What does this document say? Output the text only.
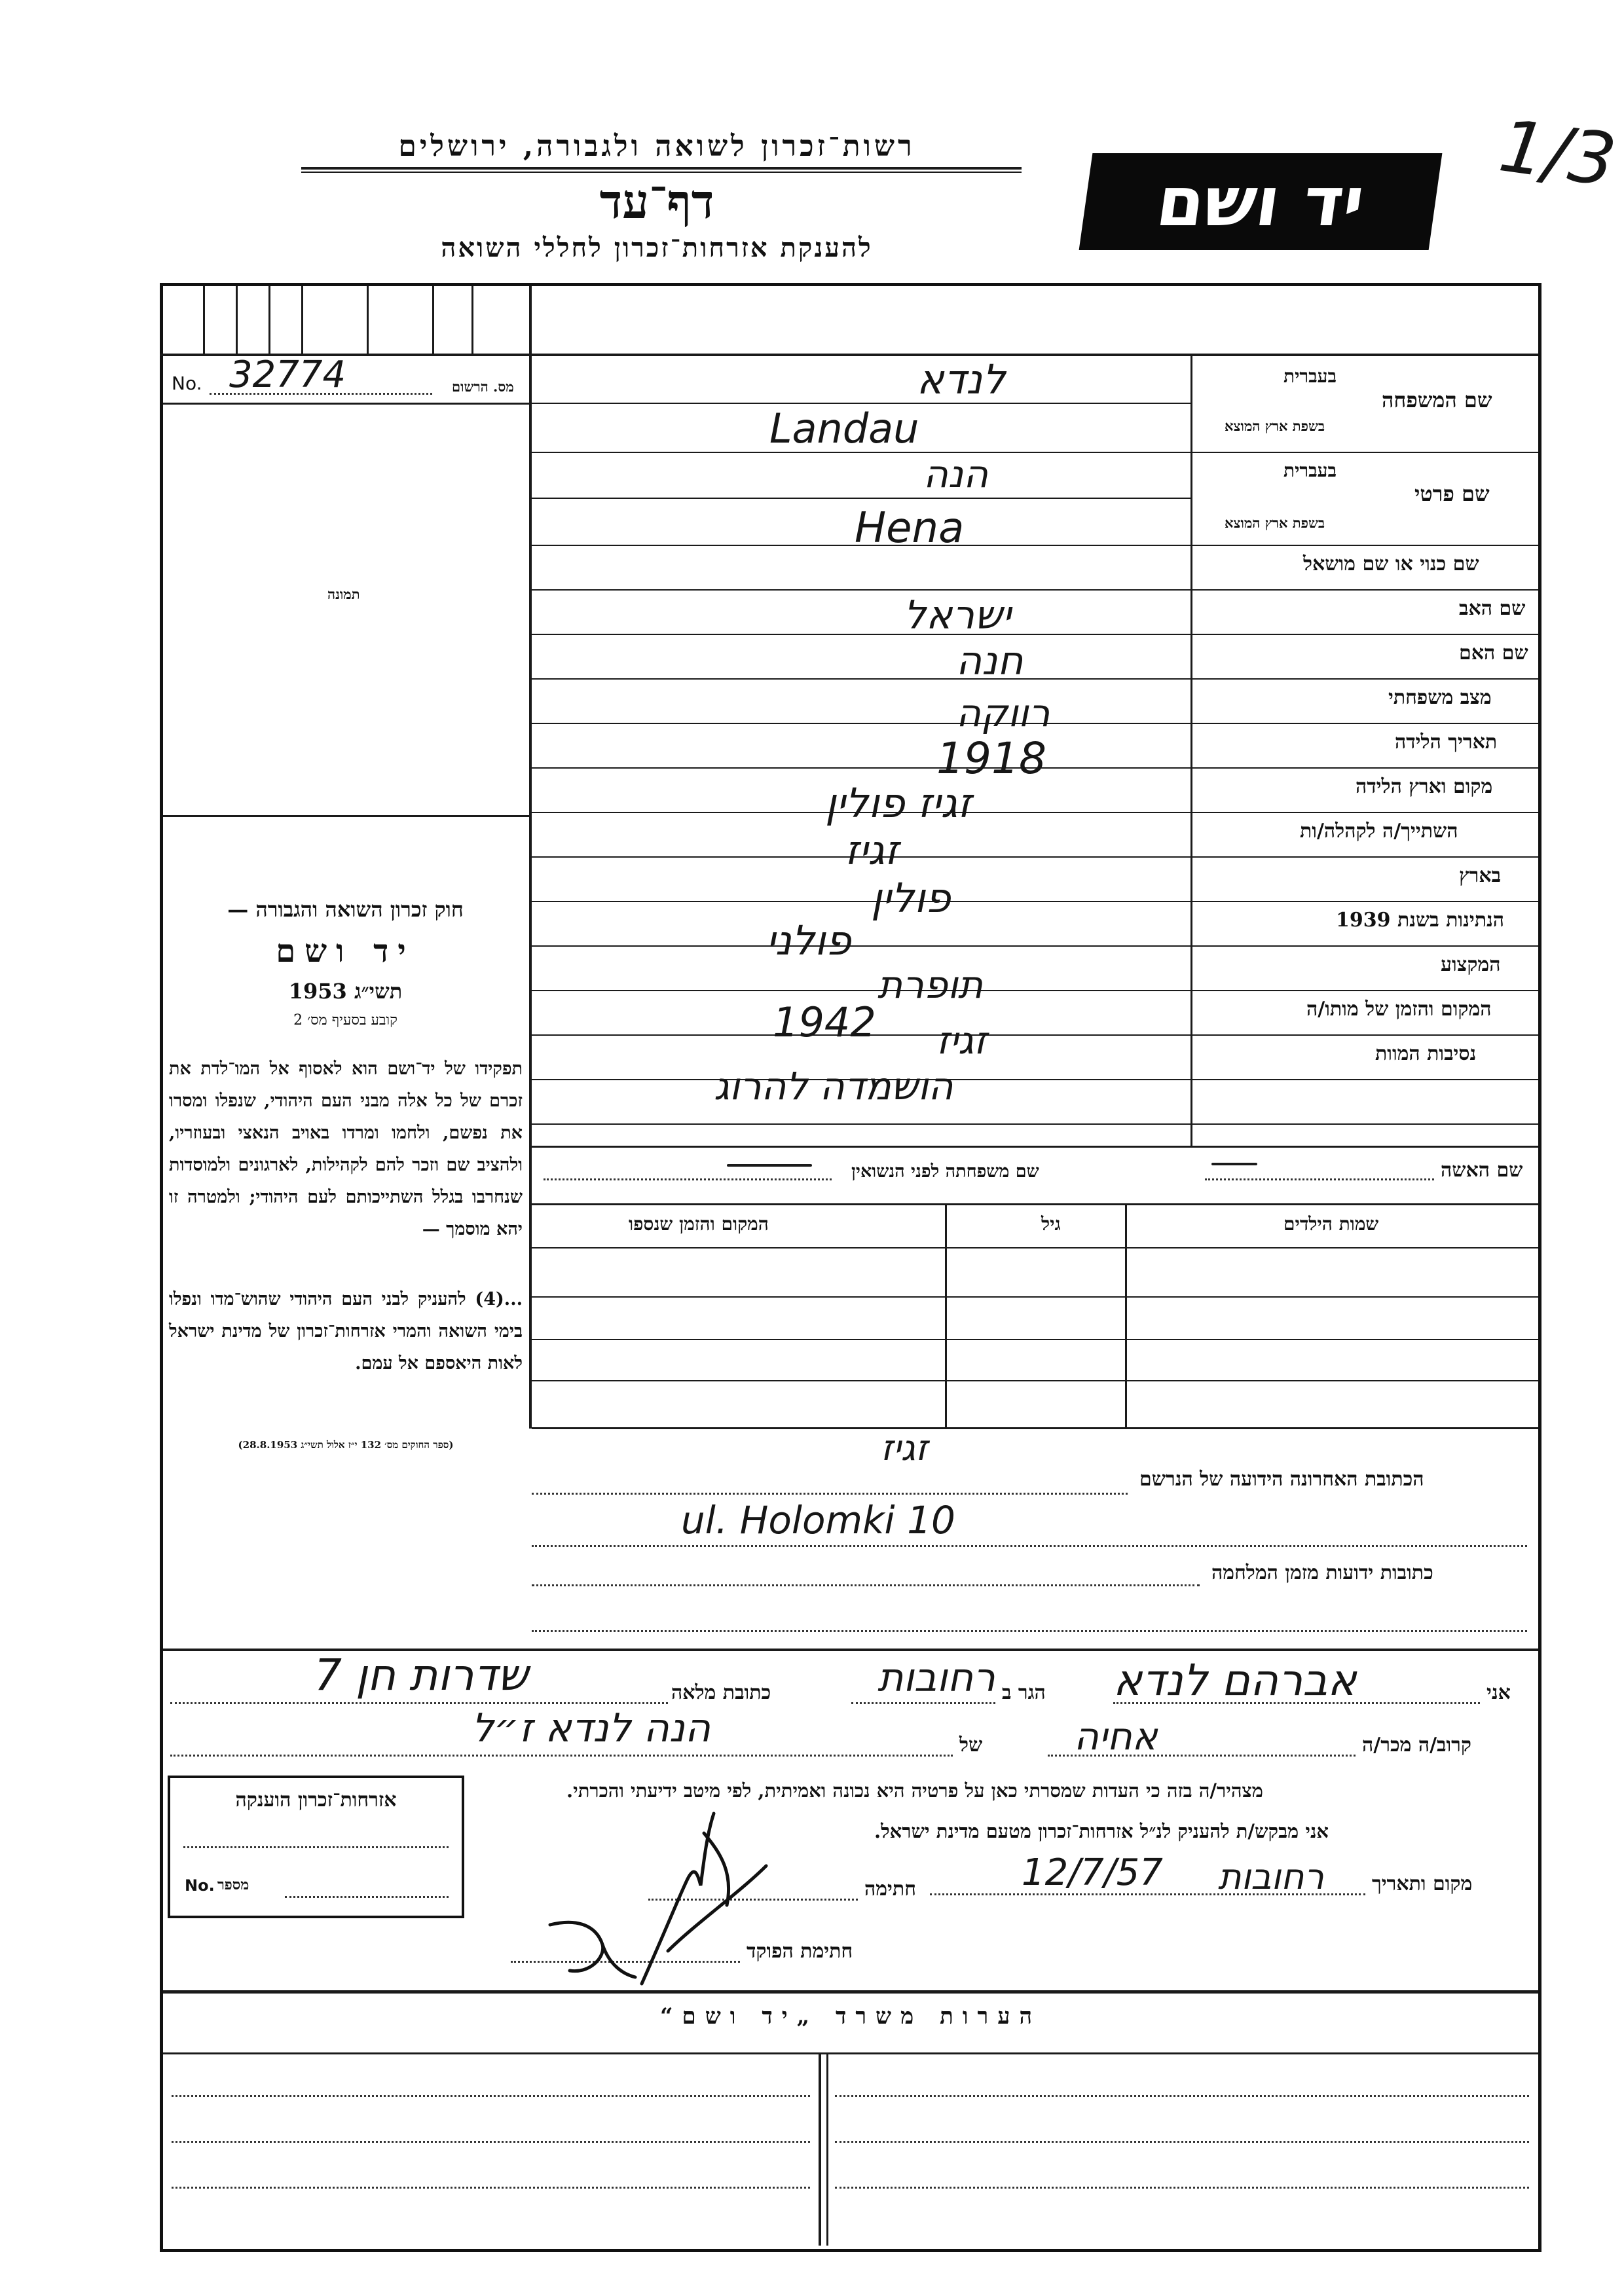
1/3
יד ושם
רשות־זכרון לשואה ולגבורה, ירושלים
דף־עד
להענקת אזרחות־זכרון לחללי השואה
מס. הרשום
No. 32774
תמונה
חוק זכרון השואה והגבורה —
יד ושם
תשי״ג 1953
קובע בסעיף מס׳ 2
תפקידו של יד־ושם הוא לאסוף אל המו־לדת את זכרם של כל אלה מבני העם היהודי, שנפלו ומסרו את נפשם, ולחמו ומרדו באויב הנאצי ובעוזריו, ולהציב שם וזכר להם לקהילות, לארגונים ולמוסדות שנחרבו בגלל השתייכותם לעם היהודי; ולמטרה זו יהא מוסמך —
...(4) להעניק לבני העם היהודי שהוש־מדו ונפלו בימי השואה והמרי אזרחות־זכרון של מדינת ישראל לאות היאספם אל עמם.
(ספר החוקים מס׳ 132 י״ז אלול תשי״ג 28.8.1953)
שם המשפחה
בעברית
בשפת ארץ המוצא
שם פרטי
בעברית
בשפת ארץ המוצא
שם כנוי או שם מושאל
שם האב
שם האם
מצב משפחתי
תאריך הלידה
מקום וארץ הלידה
השתייך/ה לקהלה/ות
בארץ
הנתינות בשנת 1939
המקצוע
המקום והזמן של מותו/ה
נסיבות המוות
לנדא
Landau
הנה
Hena
ישראל
חנה
רווקה
1918
זגיז פולין
זגיז
פולין
פולני
תופרת
1942 זגיז
הושמדה להרוג
שם האשה
שם משפחתה לפני הנשואין
שמות הילדים
גיל
המקום והזמן שנספו
הכתובת האחרונה הידועה של הנרשם
זגיז
ul. Holomki 10
כתובות ידועות מזמן המלחמה
אני
הגר ב
כתובת מלאה	אברהם לנדא
רחובות
שדרות חן 7
קרוב/ה מכר/ה
של אחיה
הנה לנדא ז״ל
מצהיר/ה בזה כי העדות שמסרתי כאן על פרטיה היא נכונה ואמיתית, לפי מיטב ידיעתי והכרתי.
אני מבקש/ת להעניק לנ״ל אזרחות־זכרון מטעם מדינת ישראל.
מקום ותאריך
חתימה	רחובות
12/7/57
חתימת הפוקד
אזרחות־זכרון הוענקה
No. מספר
הערות משרד „יד ושם“
